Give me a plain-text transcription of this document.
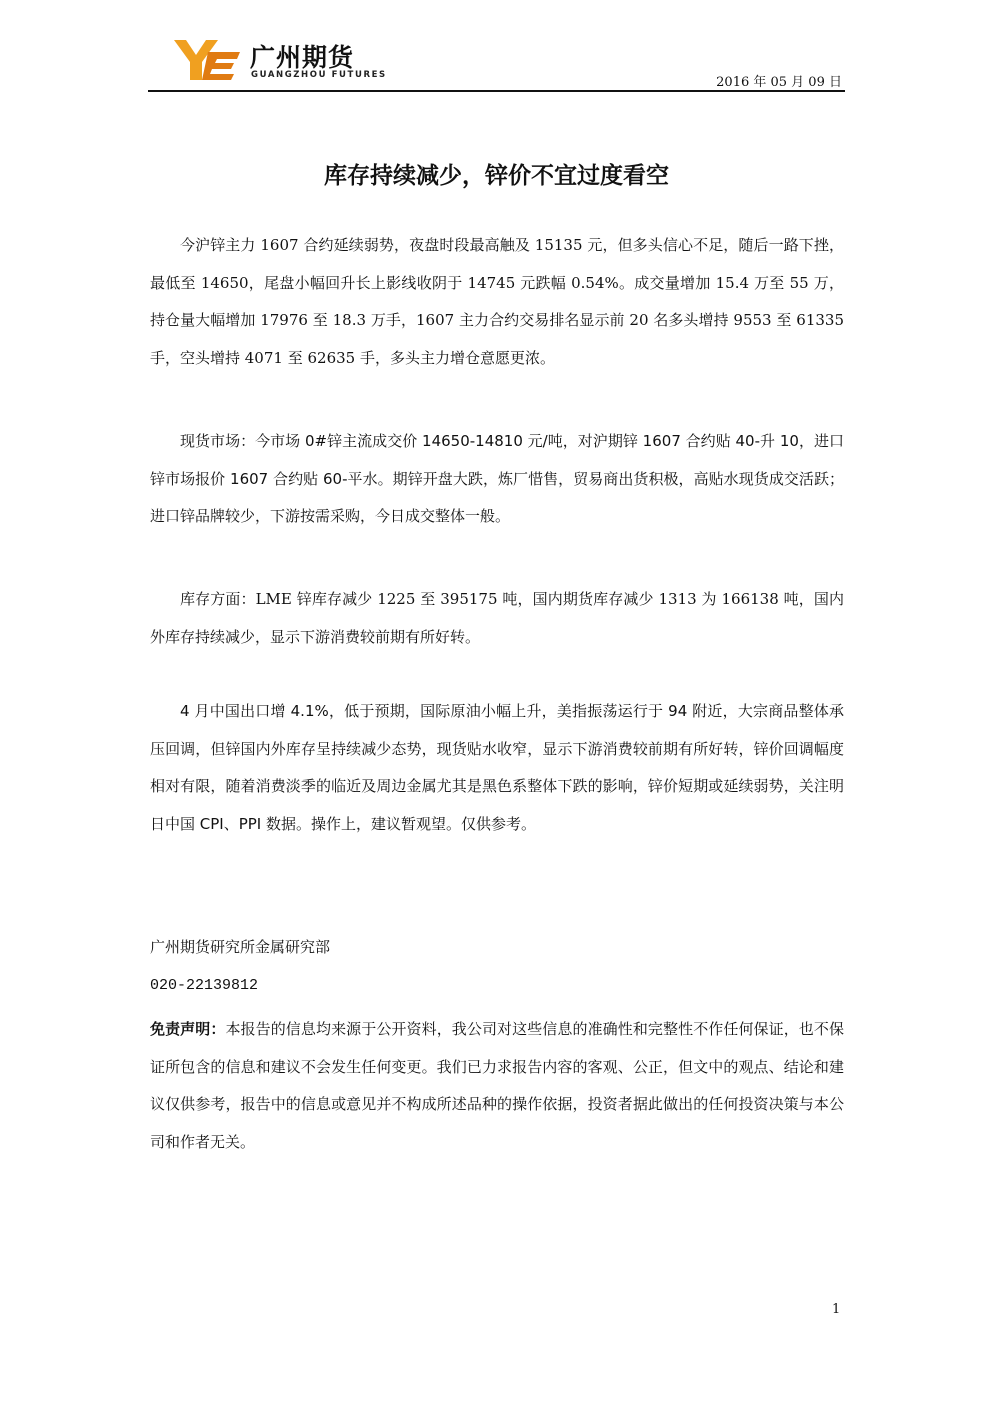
广州期货
GUANGZHOU FUTURES	2016 年 05 月 09 日
库存持续减少，锌价不宜过度看空

今沪锌主力 1607 合约延续弱势，夜盘时段最高触及 15135 元，但多头信心不足，随后一路下挫，最低至 14650，尾盘小幅回升长上影线收阴于 14745 元跌幅 0.54%。成交量增加 15.4 万至 55 万，持仓量大幅增加 17976 至 18.3 万手，1607 主力合约交易排名显示前 20 名多头增持 9553 至 61335 手，空头增持 4071 至 62635 手，多头主力增仓意愿更浓。

现货市场：今市场 0#锌主流成交价 14650-14810 元/吨，对沪期锌 1607 合约贴 40-升 10，进口锌市场报价 1607 合约贴 60-平水。期锌开盘大跌，炼厂惜售，贸易商出货积极，高贴水现货成交活跃；进口锌品牌较少，下游按需采购，今日成交整体一般。

库存方面：LME 锌库存减少 1225 至 395175 吨，国内期货库存减少 1313 为 166138 吨，国内外库存持续减少，显示下游消费较前期有所好转。

4 月中国出口增 4.1%，低于预期，国际原油小幅上升，美指振荡运行于 94 附近，大宗商品整体承压回调，但锌国内外库存呈持续减少态势，现货贴水收窄，显示下游消费较前期有所好转，锌价回调幅度相对有限，随着消费淡季的临近及周边金属尤其是黑色系整体下跌的影响，锌价短期或延续弱势，关注明日中国 CPI、PPI 数据。操作上，建议暂观望。仅供参考。

广州期货研究所金属研究部

020-22139812

免责声明：本报告的信息均来源于公开资料，我公司对这些信息的准确性和完整性不作任何保证，也不保证所包含的信息和建议不会发生任何变更。我们已力求报告内容的客观、公正，但文中的观点、结论和建议仅供参考，报告中的信息或意见并不构成所述品种的操作依据，投资者据此做出的任何投资决策与本公司和作者无关。

1
